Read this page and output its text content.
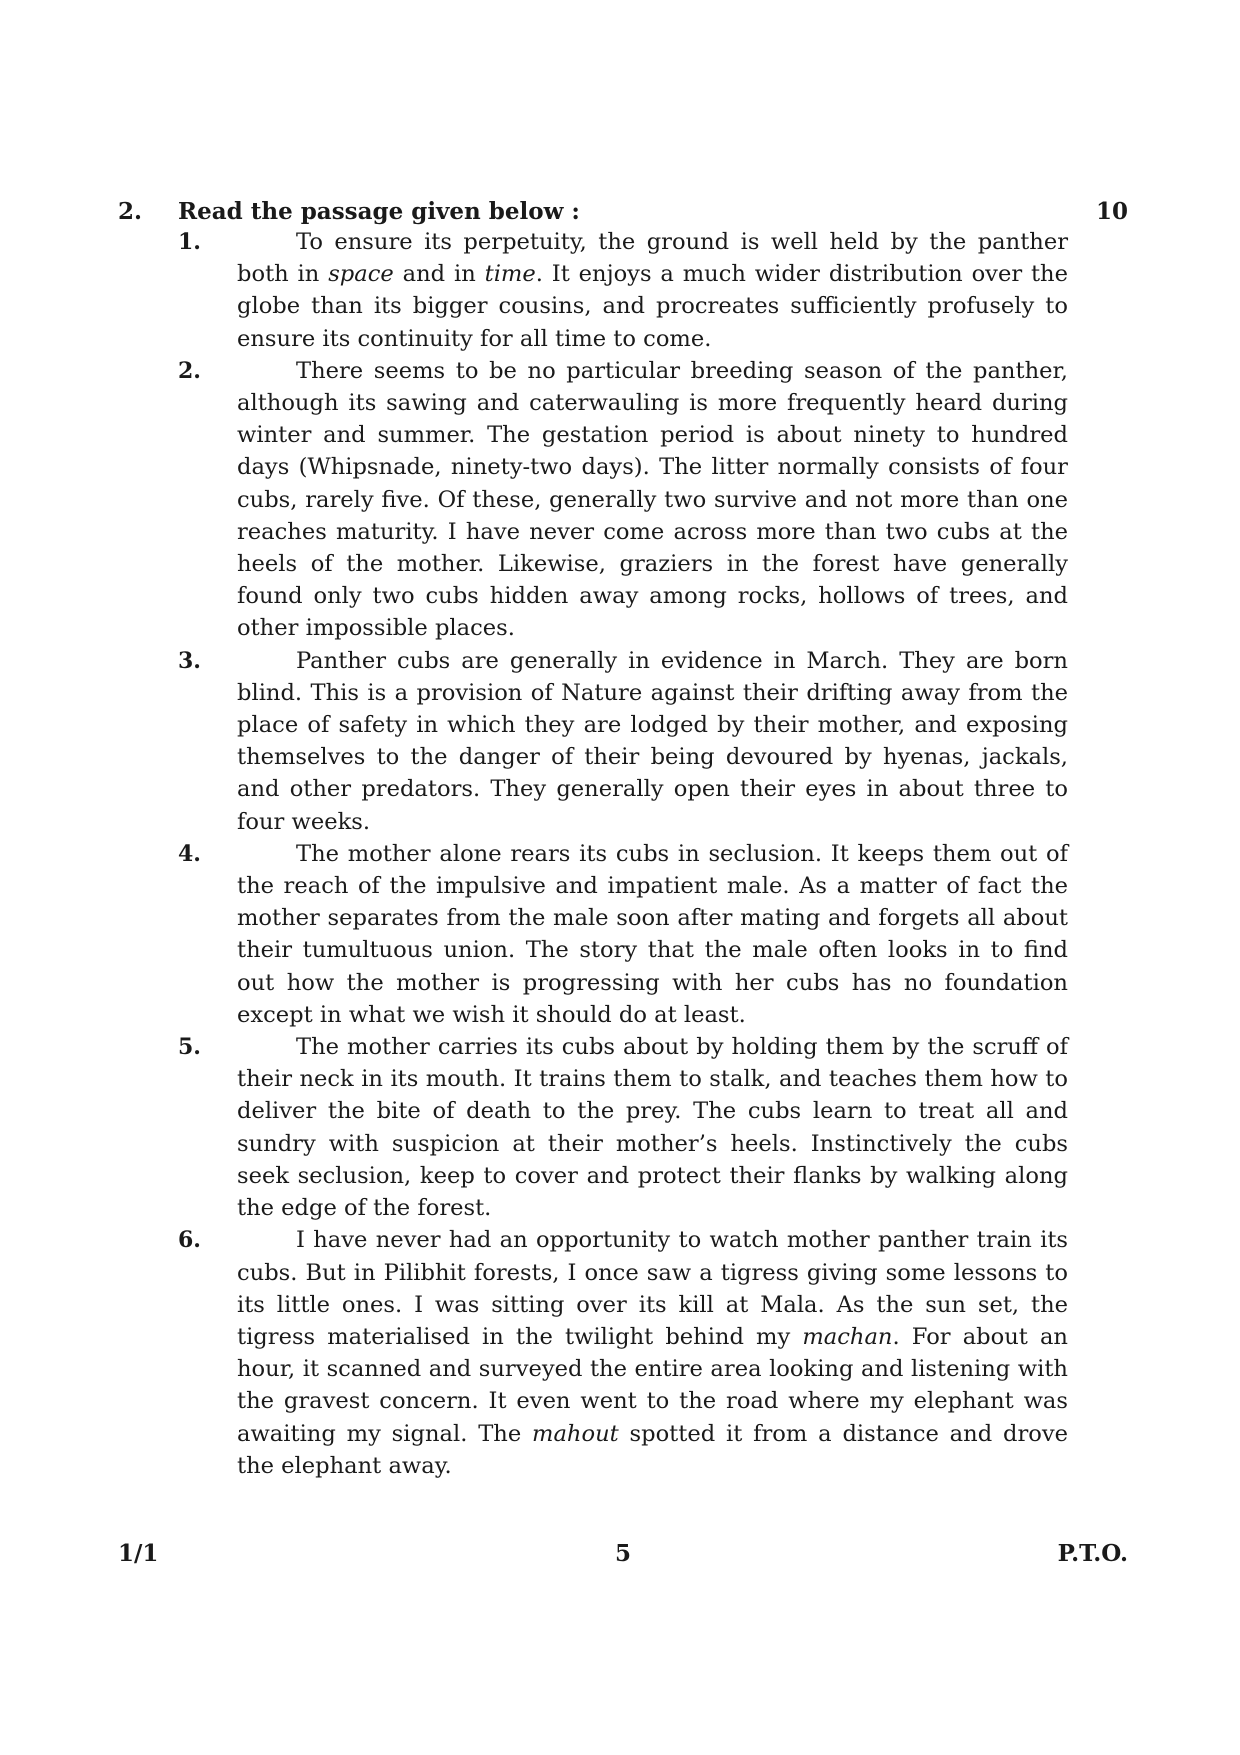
2. Read the passage given below :	10

1.	To ensure its perpetuity, the ground is well held by the panther both in space and in time. It enjoys a much wider distribution over the globe than its bigger cousins, and procreates sufficiently profusely to ensure its continuity for all time to come.

2.	There seems to be no particular breeding season of the panther, although its sawing and caterwauling is more frequently heard during winter and summer. The gestation period is about ninety to hundred days (Whipsnade, ninety-two days). The litter normally consists of four cubs, rarely five. Of these, generally two survive and not more than one reaches maturity. I have never come across more than two cubs at the heels of the mother. Likewise, graziers in the forest have generally found only two cubs hidden away among rocks, hollows of trees, and other impossible places.

3.	Panther cubs are generally in evidence in March. They are born blind. This is a provision of Nature against their drifting away from the place of safety in which they are lodged by their mother, and exposing themselves to the danger of their being devoured by hyenas, jackals, and other predators. They generally open their eyes in about three to four weeks.

4.	The mother alone rears its cubs in seclusion. It keeps them out of the reach of the impulsive and impatient male. As a matter of fact the mother separates from the male soon after mating and forgets all about their tumultuous union. The story that the male often looks in to find out how the mother is progressing with her cubs has no foundation except in what we wish it should do at least.

5.	The mother carries its cubs about by holding them by the scruff of their neck in its mouth. It trains them to stalk, and teaches them how to deliver the bite of death to the prey. The cubs learn to treat all and sundry with suspicion at their mother’s heels. Instinctively the cubs seek seclusion, keep to cover and protect their flanks by walking along the edge of the forest.

6.	I have never had an opportunity to watch mother panther train its cubs. But in Pilibhit forests, I once saw a tigress giving some lessons to its little ones. I was sitting over its kill at Mala. As the sun set, the tigress materialised in the twilight behind my machan. For about an hour, it scanned and surveyed the entire area looking and listening with the gravest concern. It even went to the road where my elephant was awaiting my signal. The mahout spotted it from a distance and drove the elephant away.

1/1	5	P.T.O.
